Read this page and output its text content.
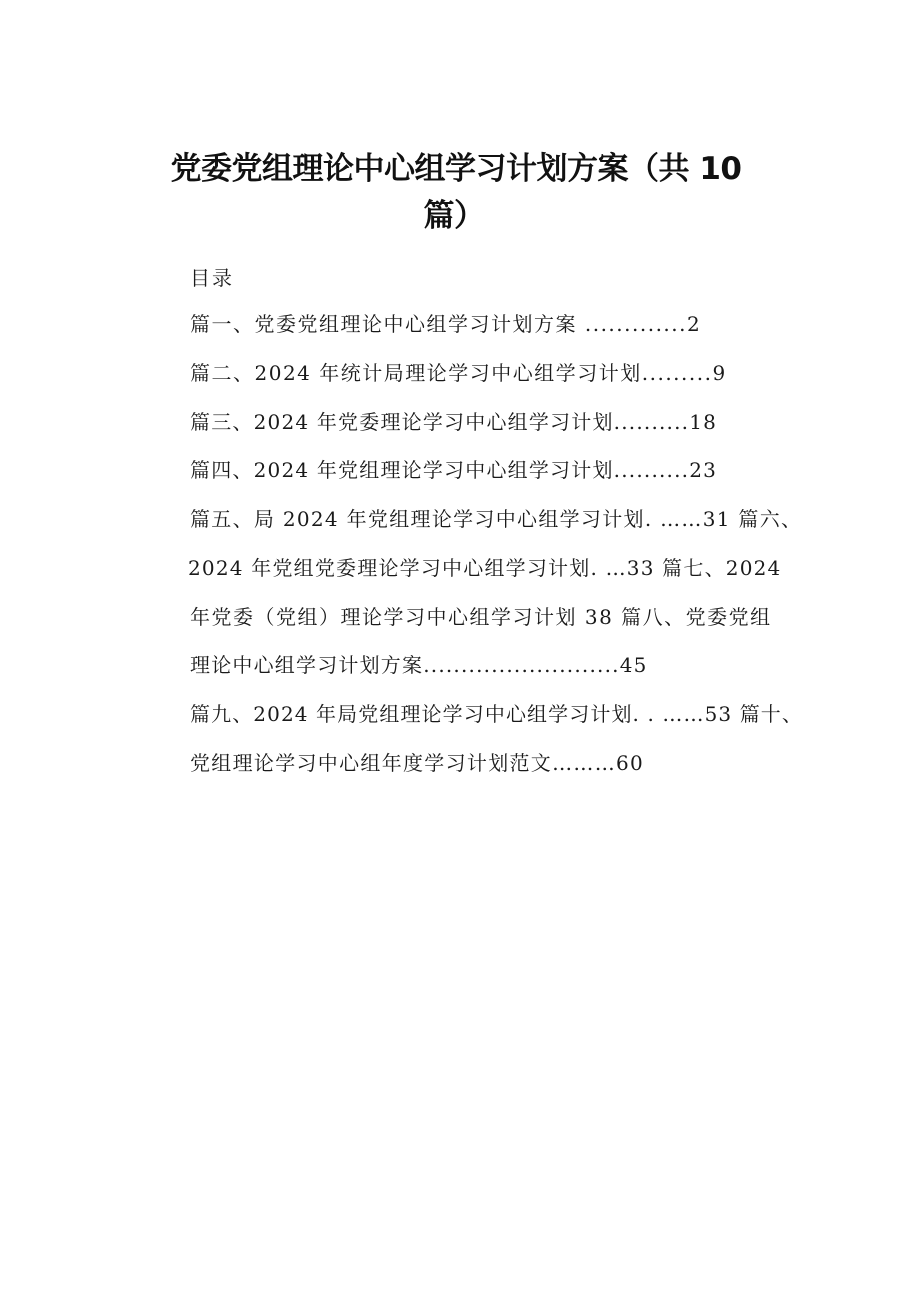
党委党组理论中心组学习计划方案（共 10
篇）
目录
篇一、党委党组理论中心组学习计划方案 .............2
篇二、2024 年统计局理论学习中心组学习计划.........9
篇三、2024 年党委理论学习中心组学习计划..........18
篇四、2024 年党组理论学习中心组学习计划..........23
篇五、局 2024 年党组理论学习中心组学习计划. ……31 篇六、
2024 年党组党委理论学习中心组学习计划. …33 篇七、2024
年党委（党组）理论学习中心组学习计划 38 篇八、党委党组
理论中心组学习计划方案..........................45
篇九、2024 年局党组理论学习中心组学习计划. . ……53 篇十、
党组理论学习中心组年度学习计划范文………60
